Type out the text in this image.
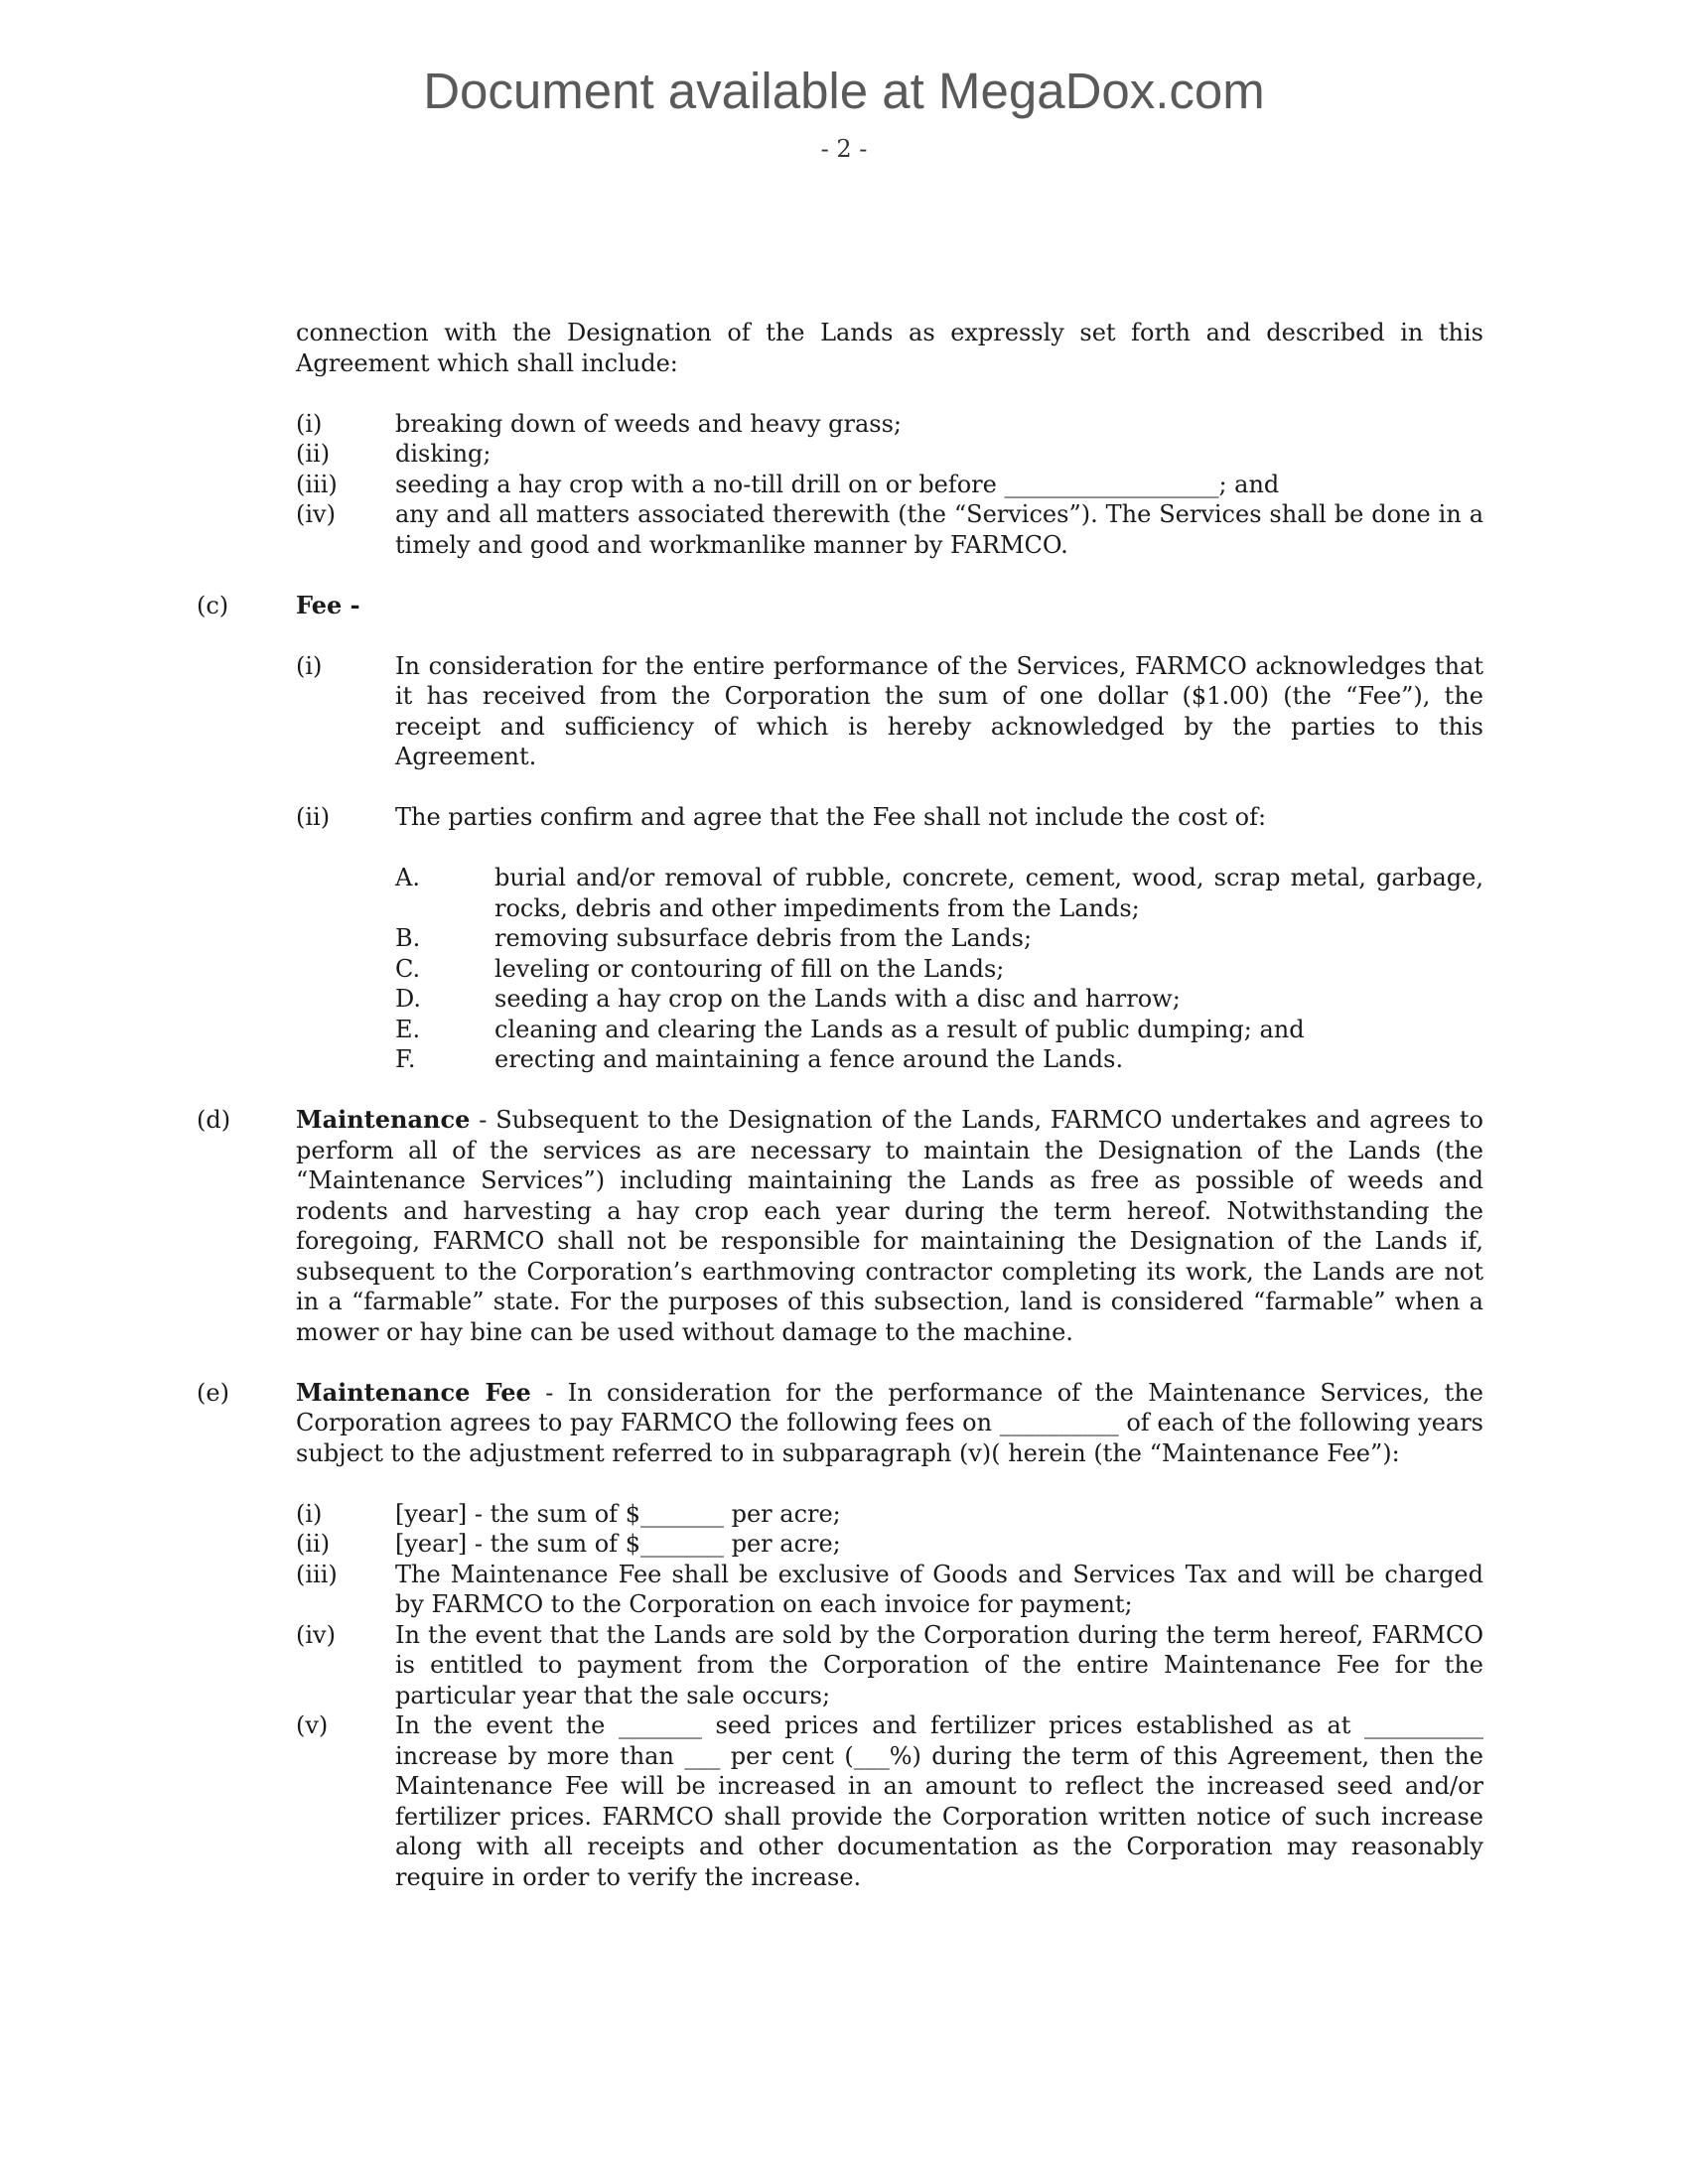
Document available at MegaDox.com
- 2 -

connection with the Designation of the Lands as expressly set forth and described in this Agreement which shall include:

(i)	breaking down of weeds and heavy grass;
(ii)	disking;
(iii)	seeding a hay crop with a no-till drill on or before __________________; and
(iv)	any and all matters associated therewith (the “Services”). The Services shall be done in a timely and good and workmanlike manner by FARMCO.
(c)	Fee -
(i)	In consideration for the entire performance of the Services, FARMCO acknowledges that it has received from the Corporation the sum of one dollar ($1.00) (the “Fee”), the receipt and sufficiency of which is hereby acknowledged by the parties to this Agreement.
(ii)	The parties confirm and agree that the Fee shall not include the cost of:
A.	burial and/or removal of rubble, concrete, cement, wood, scrap metal, garbage, rocks, debris and other impediments from the Lands;
B.	removing subsurface debris from the Lands;
C.	leveling or contouring of fill on the Lands;
D.	seeding a hay crop on the Lands with a disc and harrow;
E.	cleaning and clearing the Lands as a result of public dumping; and
F.	erecting and maintaining a fence around the Lands.
(d)	Maintenance - Subsequent to the Designation of the Lands, FARMCO undertakes and agrees to perform all of the services as are necessary to maintain the Designation of the Lands (the “Maintenance Services”) including maintaining the Lands as free as possible of weeds and rodents and harvesting a hay crop each year during the term hereof. Notwithstanding the foregoing, FARMCO shall not be responsible for maintaining the Designation of the Lands if, subsequent to the Corporation’s earthmoving contractor completing its work, the Lands are not in a “farmable” state. For the purposes of this subsection, land is considered “farmable” when a mower or hay bine can be used without damage to the machine.
(e)	Maintenance Fee - In consideration for the performance of the Maintenance Services, the Corporation agrees to pay FARMCO the following fees on __________ of each of the following years subject to the adjustment referred to in subparagraph (v)( herein (the “Maintenance Fee”):
(i)	[year] - the sum of $_______ per acre;
(ii)	[year] - the sum of $_______ per acre;
(iii)	The Maintenance Fee shall be exclusive of Goods and Services Tax and will be charged by FARMCO to the Corporation on each invoice for payment;
(iv)	In the event that the Lands are sold by the Corporation during the term hereof, FARMCO is entitled to payment from the Corporation of the entire Maintenance Fee for the particular year that the sale occurs;
(v)	In the event the _______ seed prices and fertilizer prices established as at __________ increase by more than ___ per cent (___%) during the term of this Agreement, then the Maintenance Fee will be increased in an amount to reflect the increased seed and/or fertilizer prices. FARMCO shall provide the Corporation written notice of such increase along with all receipts and other documentation as the Corporation may reasonably require in order to verify the increase.
